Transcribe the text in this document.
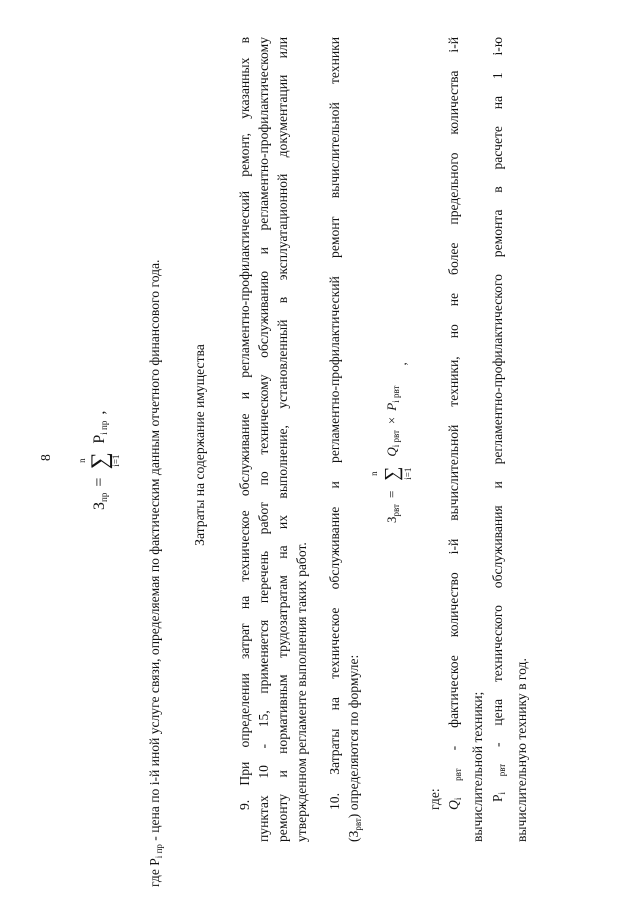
8
$З_{пр}$
=
n ∑
i=1
$P_{i пр}$
,
где $P_{i пр}$ - цена по i-й иной услуге связи, определяемая по фактическим данным отчетного финансового года.	Затраты на содержание имущества 9. При определении затрат на техническое обслуживание и регламентно-профилактический ремонт, указанных в пунктах 10 - 15, применяется перечень работ по техническому обслуживанию и регламентно-профилактическому ремонту и нормативным трудозатратам на их выполнение, установленный в эксплуатационной документации или утвержденном регламенте выполнения таких работ. 10. Затраты на техническое обслуживание и регламентно-профилактический ремонт вычислительной техники
$(З_{рвт})$ определяются по формуле:
$З_{рвт}$
=
n ∑ i=1
$Q_{i рвт}$
×
$P_{i рвт}$
,
где: $Q_{i рвт}$ - фактическое количество i-й вычислительной техники, но не более предельного количества i-й
вычислительной техники; $P_{i рвт}$ - цена технического обслуживания и регламентно-профилактического ремонта в расчете на 1 i-ю
вычислительную технику в год.
